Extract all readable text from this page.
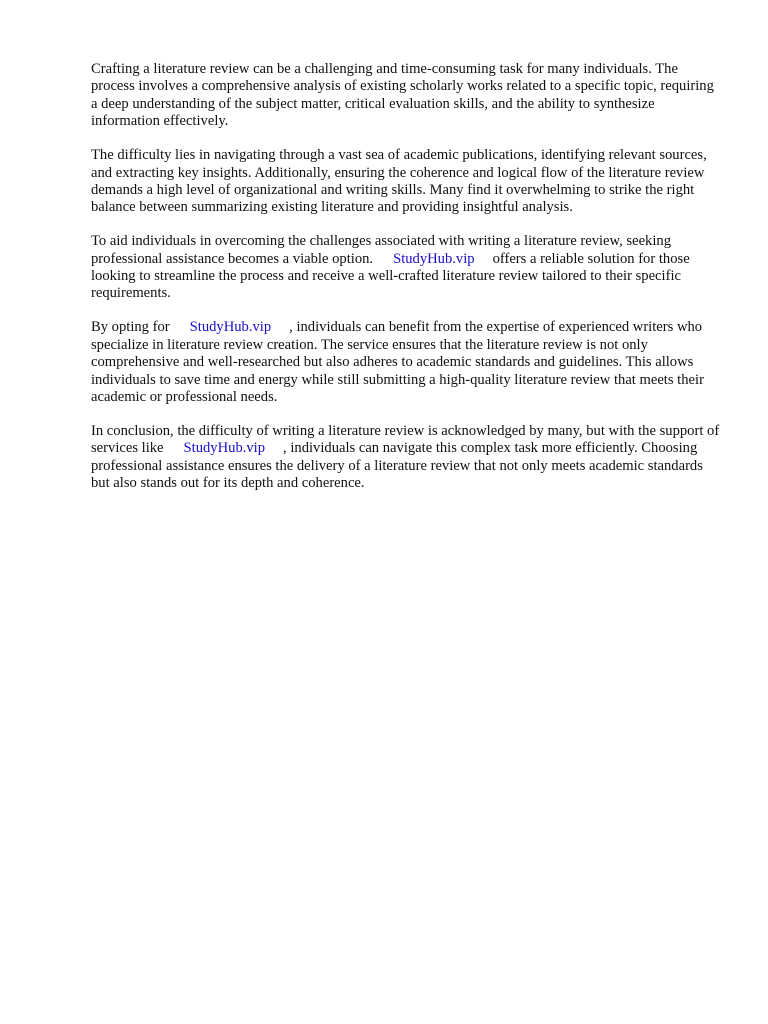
Crafting a literature review can be a challenging and time-consuming task for many individuals. The process involves a comprehensive analysis of existing scholarly works related to a specific topic, requiring a deep understanding of the subject matter, critical evaluation skills, and the ability to synthesize information effectively.

The difficulty lies in navigating through a vast sea of academic publications, identifying relevant sources, and extracting key insights. Additionally, ensuring the coherence and logical flow of the literature review demands a high level of organizational and writing skills. Many find it overwhelming to strike the right balance between summarizing existing literature and providing insightful analysis.

To aid individuals in overcoming the challenges associated with writing a literature review, seeking professional assistance becomes a viable option. StudyHub.vip offers a reliable solution for those looking to streamline the process and receive a well-crafted literature review tailored to their specific requirements.

By opting for StudyHub.vip , individuals can benefit from the expertise of experienced writers who specialize in literature review creation. The service ensures that the literature review is not only comprehensive and well-researched but also adheres to academic standards and guidelines. This allows individuals to save time and energy while still submitting a high-quality literature review that meets their academic or professional needs.

In conclusion, the difficulty of writing a literature review is acknowledged by many, but with the support of services like StudyHub.vip , individuals can navigate this complex task more efficiently. Choosing professional assistance ensures the delivery of a literature review that not only meets academic standards but also stands out for its depth and coherence.
